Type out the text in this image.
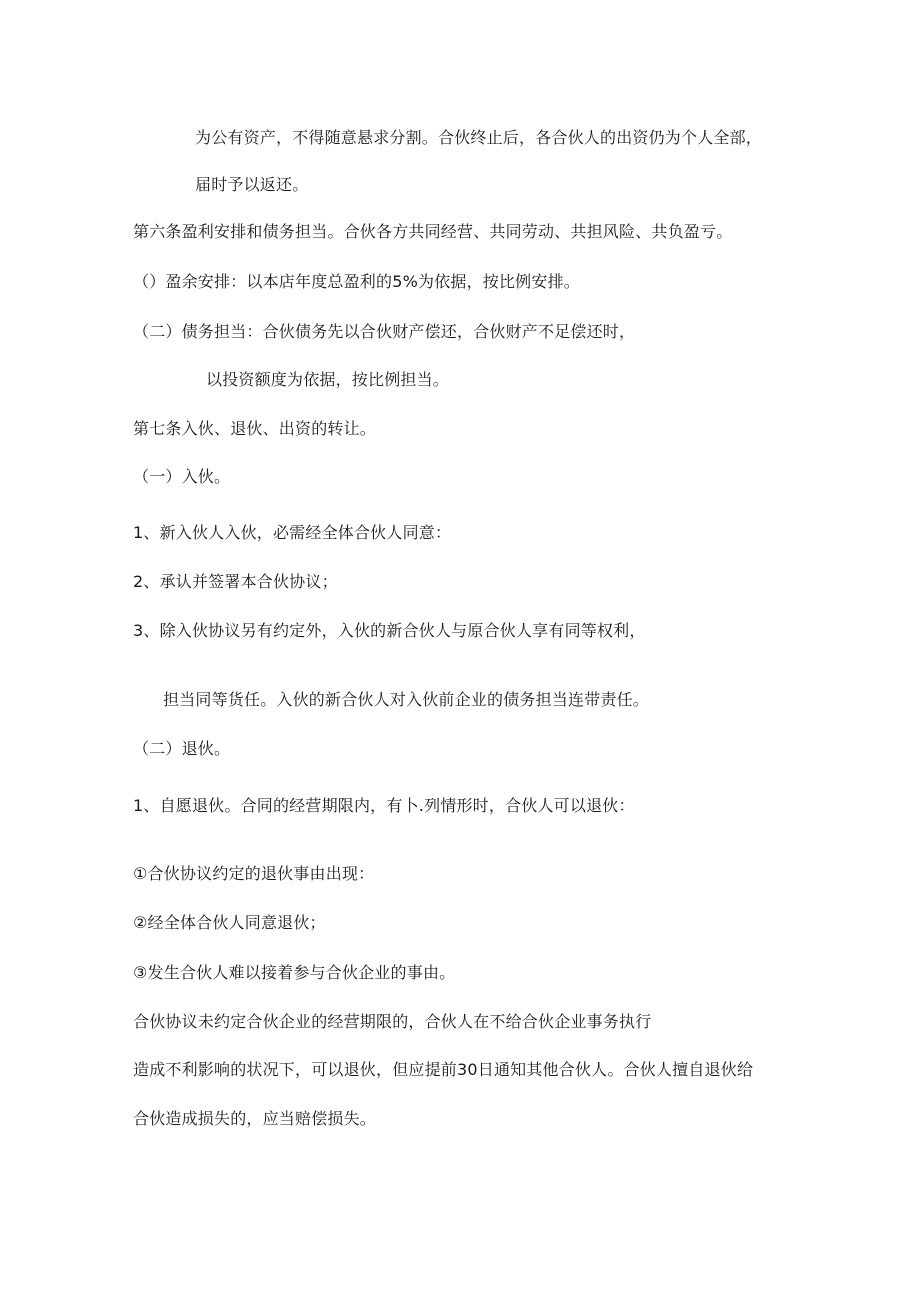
为公有资产，不得随意悬求分割。合伙终止后，各合伙人的出资仍为个人全部，
届时予以返还。
第六条盈利安排和债务担当。合伙各方共同经营、共同劳动、共担风险、共负盈亏。
（）盈余安排：以本店年度总盈利的5%为依据，按比例安排。
（二）债务担当：合伙债务先以合伙财产偿还，合伙财产不足偿还时，
以投资额度为依据，按比例担当。
第七条入伙、退伙、出资的转让。
（一）入伙。
1、新入伙人入伙，必需经全体合伙人同意：
2、承认并签署本合伙协议；
3、除入伙协议另有约定外，入伙的新合伙人与原合伙人享有同等权利，
担当同等货任。入伙的新合伙人对入伙前企业的债务担当连带责任。
（二）退伙。
1、自愿退伙。合同的经营期限内，有卜.列情形时，合伙人可以退伙：
①合伙协议约定的退伙事由出现：
②经全体合伙人同意退伙；
③发生合伙人难以接着参与合伙企业的事由。
合伙协议未约定合伙企业的经营期限的，合伙人在不给合伙企业事务执行
造成不利影响的状况下，可以退伙，但应提前30日通知其他合伙人。合伙人擅自退伙给
合伙造成损失的，应当赔偿损失。
